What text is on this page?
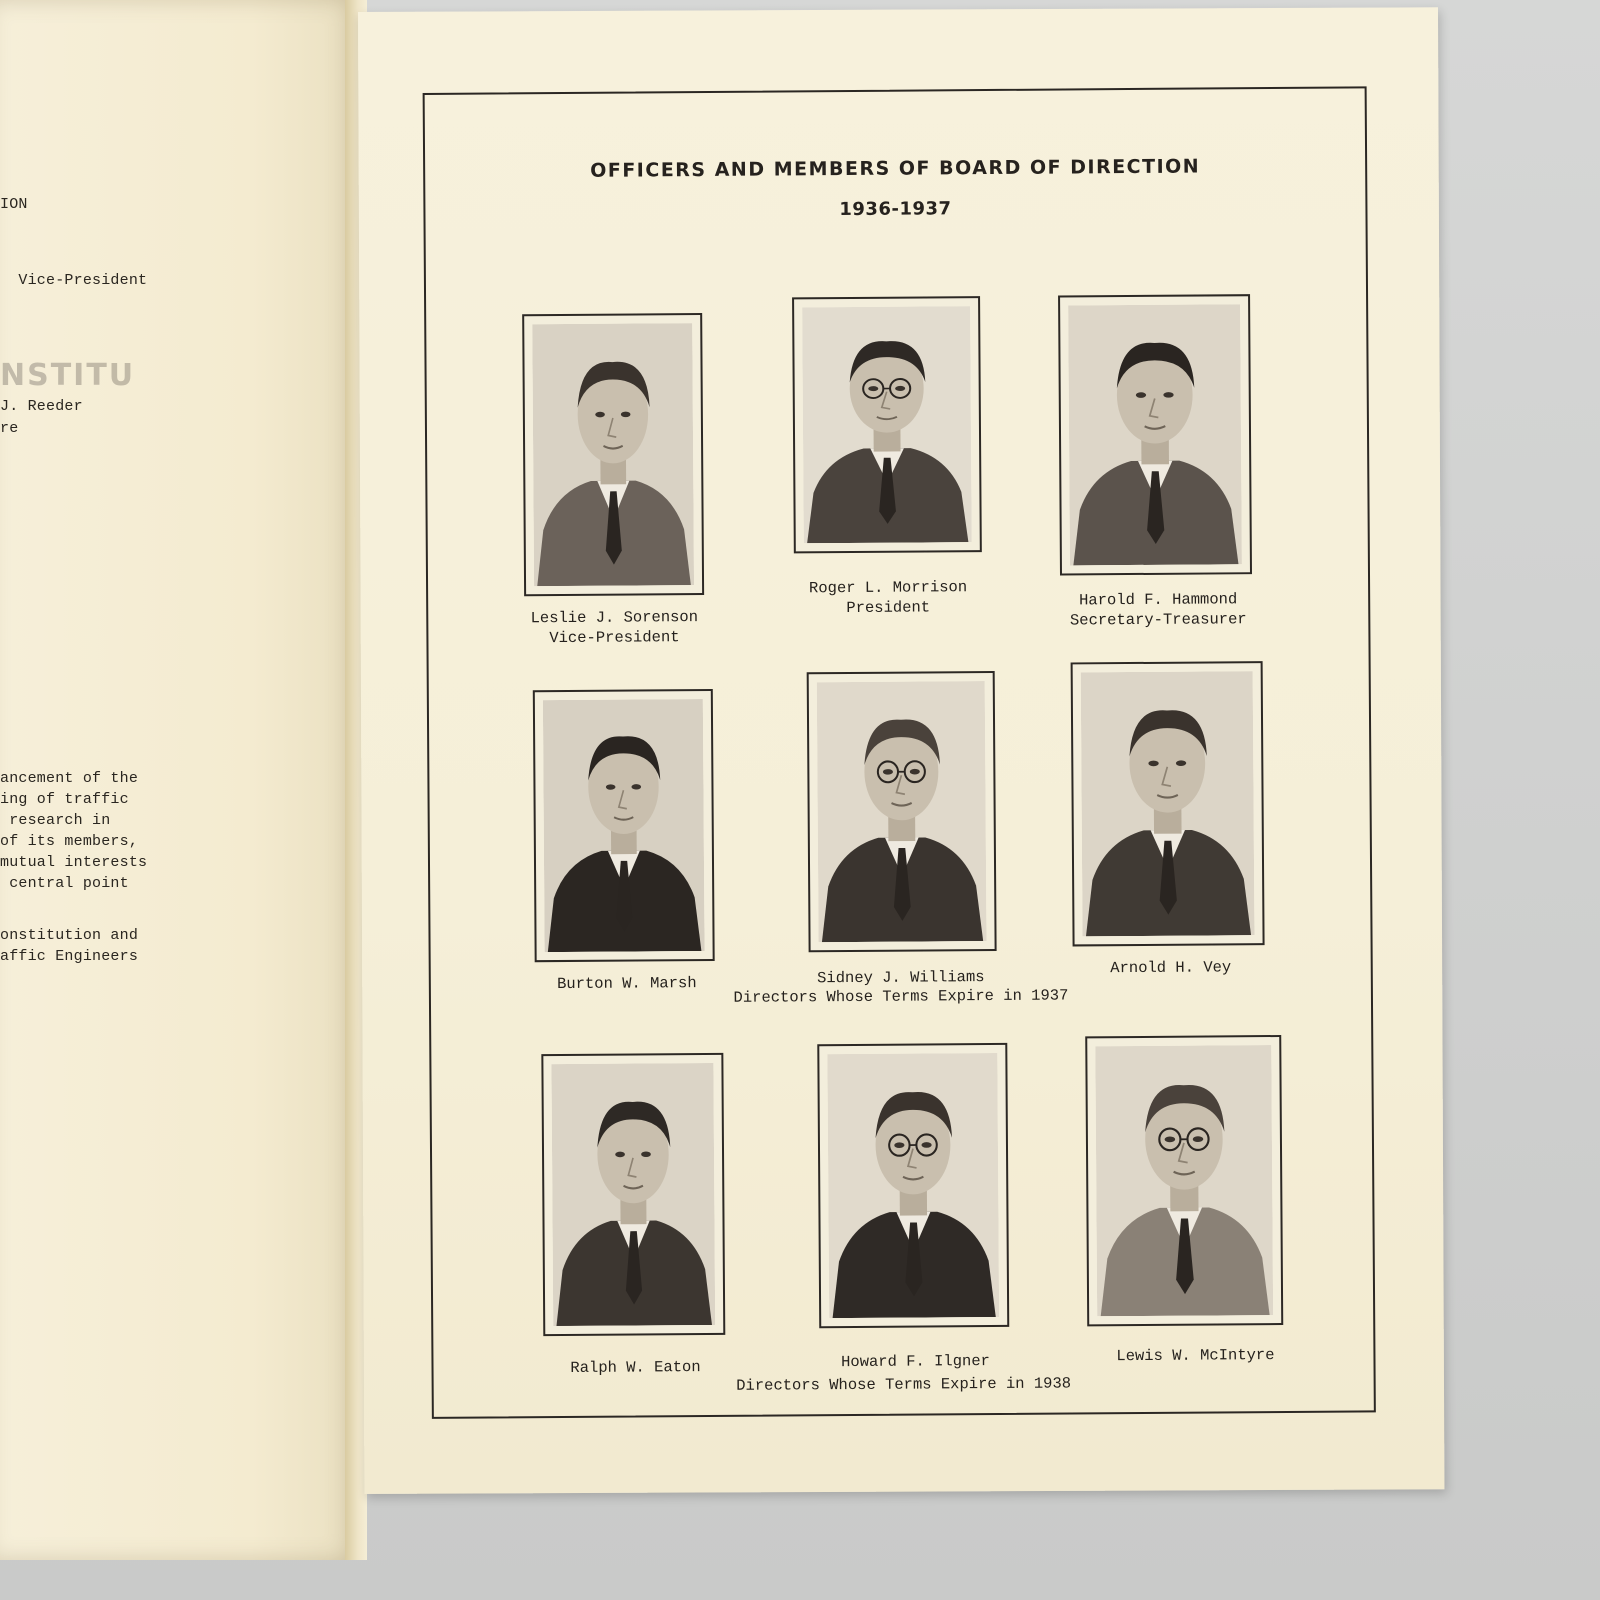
NSTITU
ION
Vice-President
J. Reeder
re
ancement of the
ing of traffic
research in
of its members,
mutual interests
central point
onstitution and
affic Engineers
OFFICERS AND MEMBERS OF BOARD OF DIRECTION
1936-1937
Leslie J. Sorenson
Vice-President
Roger L. Morrison
President	Harold F. Hammond
Secretary-Treasurer
Burton W. Marsh	Sidney J. Williams
Arnold H. Vey
Directors Whose Terms Expire in 1937
Ralph W. Eaton	Howard F. Ilgner	Lewis W. McIntyre
Directors Whose Terms Expire in 1938
